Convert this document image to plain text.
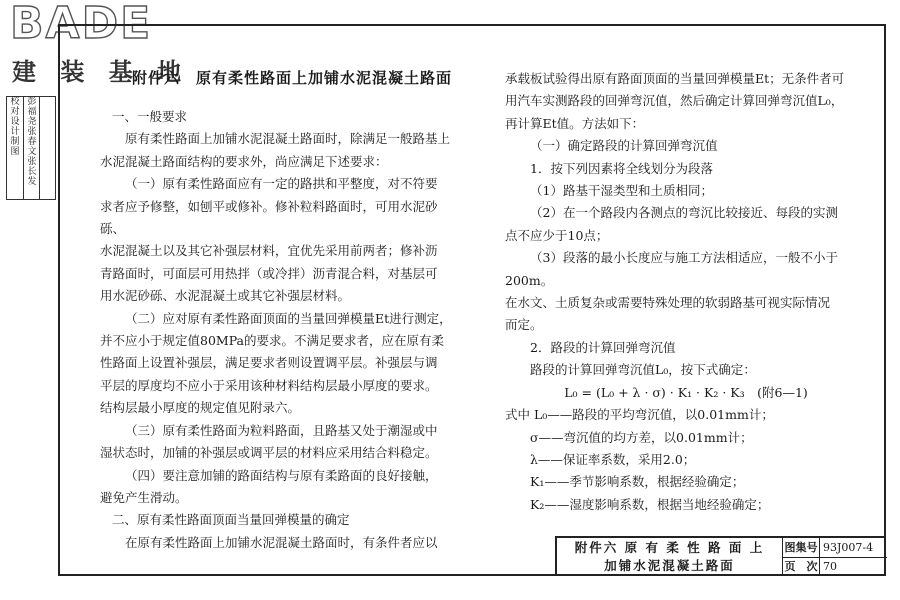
BADE
建 装 基 地
校
对
设
计
制
图
彭
福
尧
张
春
文
张
长
发
附件六　原有柔性路面上加铺水泥混凝土路面

一、一般要求

原有柔性路面上加铺水泥混凝土路面时，除满足一般路基上

水泥混凝土路面结构的要求外，尚应满足下述要求：

（一）原有柔性路面应有一定的路拱和平整度，对不符要

求者应予修整，如刨平或修补。修补粒料路面时，可用水泥砂砾、

水泥混凝土以及其它补强层材料，宜优先采用前两者；修补沥

青路面时，可面层可用热拌（或冷拌）沥青混合料，对基层可

用水泥砂砾、水泥混凝土或其它补强层材料。

（二）应对原有柔性路面顶面的当量回弹模量Et进行测定，

并不应小于规定值80MPa的要求。不满足要求者，应在原有柔

性路面上设置补强层，满足要求者则设置调平层。补强层与调

平层的厚度均不应小于采用该种材料结构层最小厚度的要求。

结构层最小厚度的规定值见附录六。

（三）原有柔性路面为粒料路面，且路基又处于潮湿或中

湿状态时，加铺的补强层或调平层的材料应采用结合料稳定。

（四）要注意加铺的路面结构与原有柔路面的良好接触，

避免产生滑动。

二、原有柔性路面顶面当量回弹模量的确定

在原有柔性路面上加铺水泥混凝土路面时，有条件者应以

承载板试验得出原有路面顶面的当量回弹模量Et；无条件者可

用汽车实测路段的回弹弯沉值，然后确定计算回弹弯沉值L₀，

再计算Et值。方法如下：

（一）确定路段的计算回弹弯沉值

1．按下列因素将全线划分为段落

（1）路基干湿类型和土质相同；

（2）在一个路段内各测点的弯沉比较接近、每段的实测

点不应少于10点；

（3）段落的最小长度应与施工方法相适应，一般不小于200m。

在水文、土质复杂或需要特殊处理的软弱路基可视实际情况

而定。

2．路段的计算回弹弯沉值

路段的计算回弹弯沉值L₀，按下式确定：

L₀ = (L₀ + λ · σ) · K₁ · K₂ · K₃　(附6—1)

式中 L₀——路段的平均弯沉值，以0.01mm计；

σ——弯沉值的均方差，以0.01mm计；

λ——保证率系数，采用2.0；

K₁——季节影响系数，根据经验确定；

K₂——湿度影响系数，根据当地经验确定；

附件六 原 有 柔 性 路 面 上
加铺水泥混凝土路面
图集号 93J007-4
页　次 70
